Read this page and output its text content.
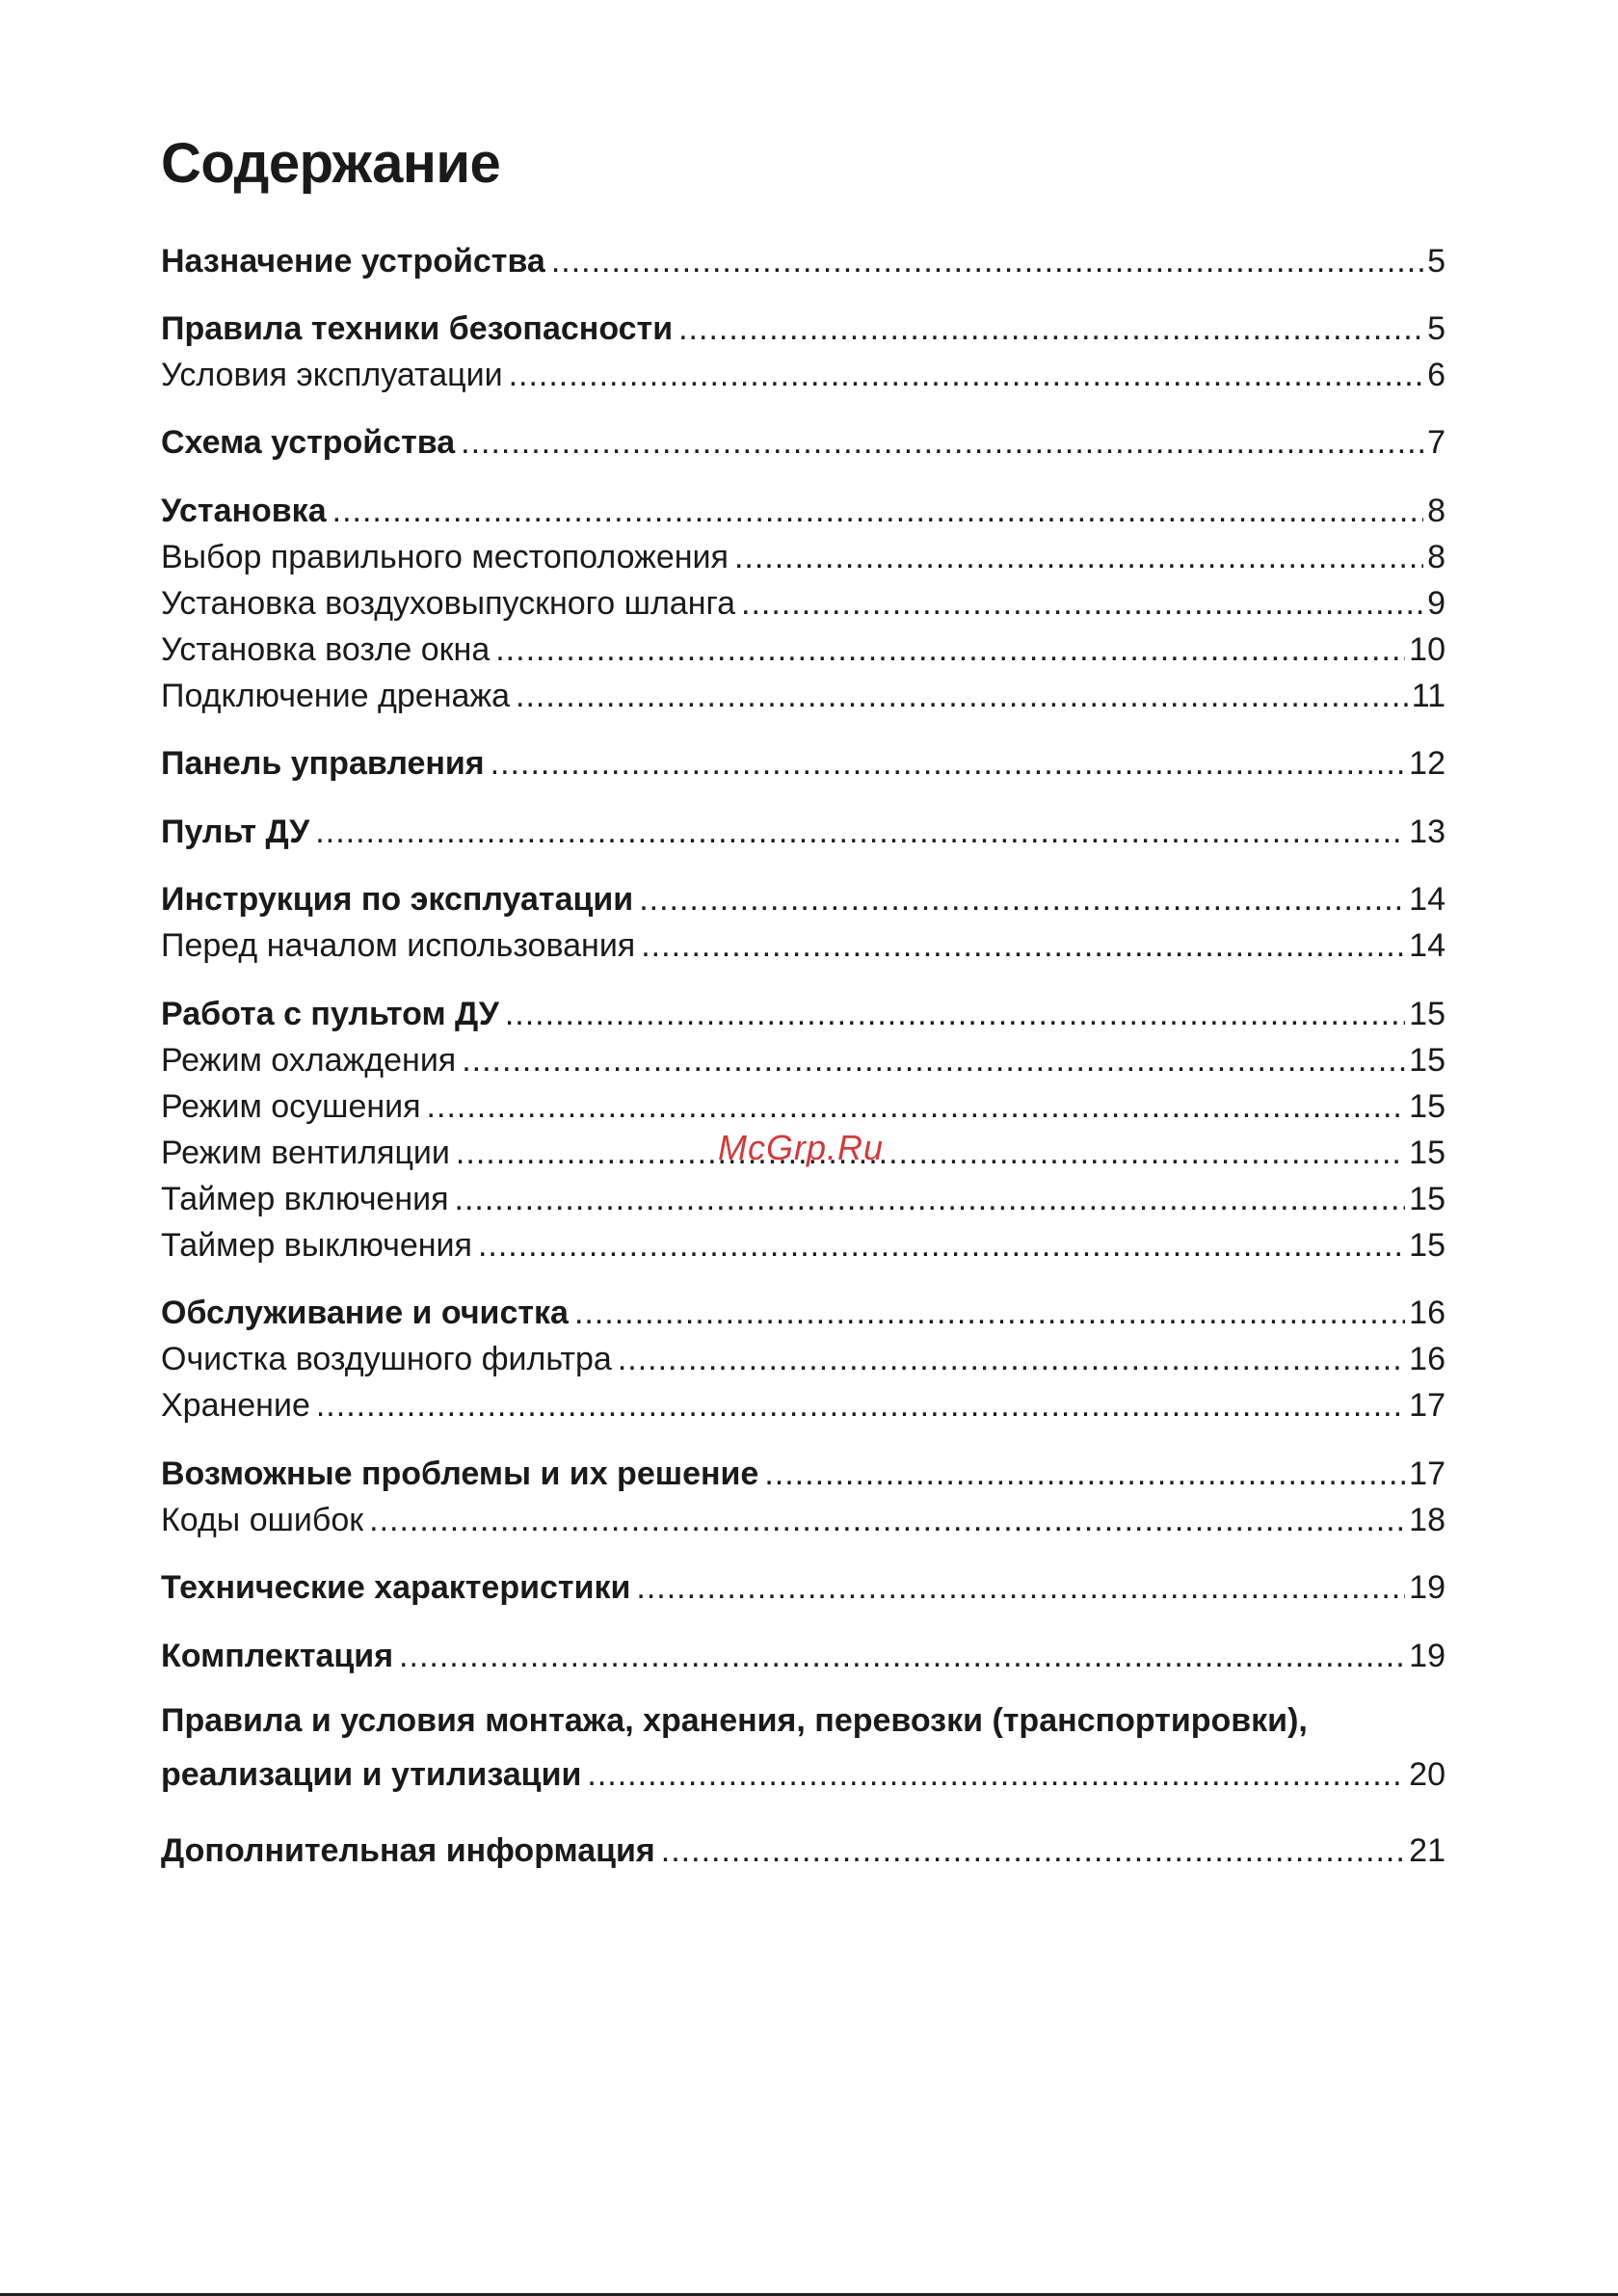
Содержание
Назначение устройства .....	5
Правила техники безопасности .....	5
Условия эксплуатации .....	6
Схема устройства .....	7
Установка .....	8
Выбор правильного местоположения .....	8
Установка воздуховыпускного шланга .....	9
Установка возле окна .....	10
Подключение дренажа .....	11
Панель управления .....	12
Пульт ДУ .....	13
Инструкция по эксплуатации .....	14
Перед началом использования .....	14
Работа с пультом ДУ .....	15
Режим охлаждения .....	15
Режим осушения .....	15
Режим вентиляции .....	15
Таймер включения .....	15
Таймер выключения .....	15
Обслуживание и очистка .....	16
Очистка воздушного фильтра .....	16
Хранение .....	17
Возможные проблемы и их решение .....	17
Коды ошибок .....	18
Технические характеристики .....	19
Комплектация .....	19
Правила и условия монтажа, хранения, перевозки (транспортировки),
реализации и утилизации .....	20
Дополнительная информация .....	21
McGrp.Ru
